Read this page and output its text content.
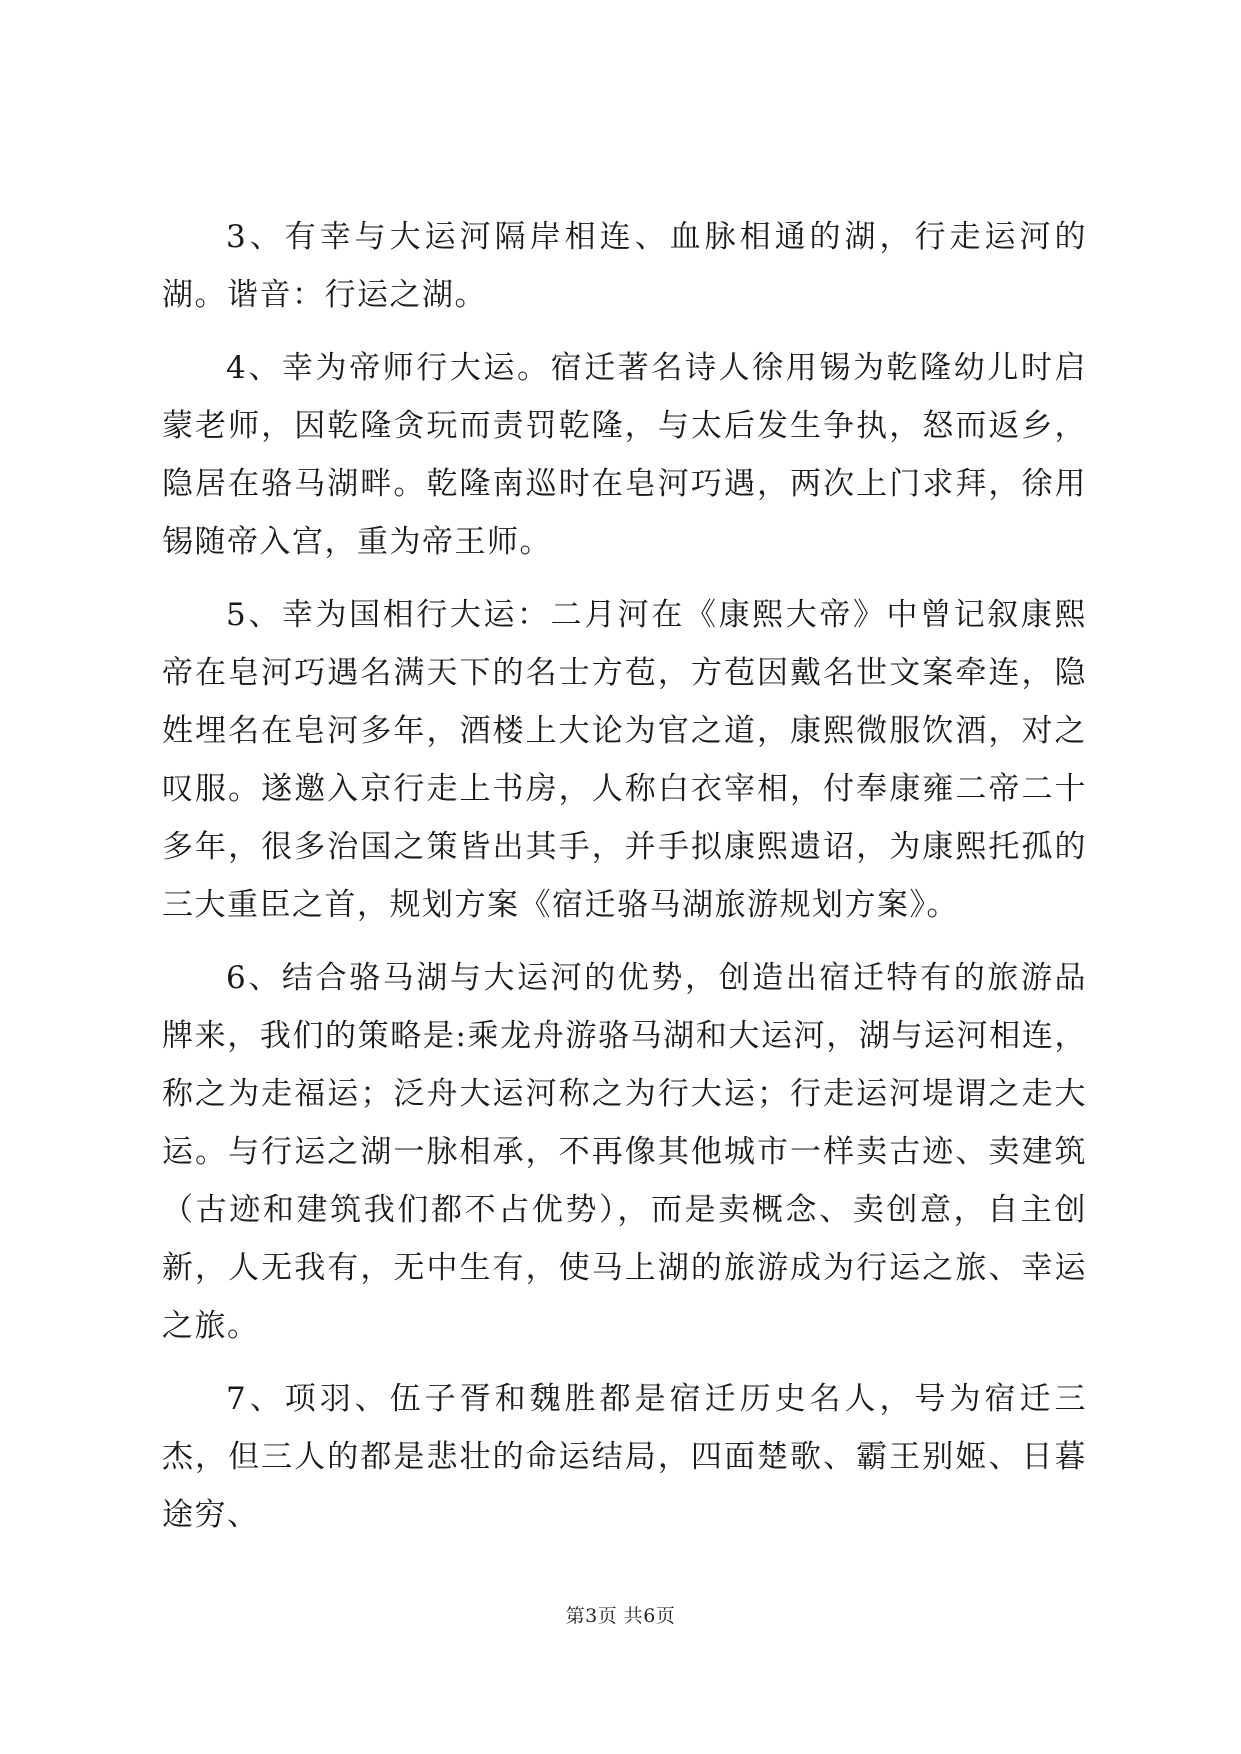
3、有幸与大运河隔岸相连、血脉相通的湖，行走运河的湖。谐音：行运之湖。

4、幸为帝师行大运。宿迁著名诗人徐用锡为乾隆幼儿时启蒙老师，因乾隆贪玩而责罚乾隆，与太后发生争执，怒而返乡，隐居在骆马湖畔。乾隆南巡时在皂河巧遇，两次上门求拜，徐用锡随帝入宫，重为帝王师。

5、幸为国相行大运：二月河在《康熙大帝》中曾记叙康熙帝在皂河巧遇名满天下的名士方苞，方苞因戴名世文案牵连，隐姓埋名在皂河多年，酒楼上大论为官之道，康熙微服饮酒，对之叹服。遂邀入京行走上书房，人称白衣宰相，付奉康雍二帝二十多年，很多治国之策皆出其手，并手拟康熙遗诏，为康熙托孤的三大重臣之首，规划方案《宿迁骆马湖旅游规划方案》。

6、结合骆马湖与大运河的优势，创造出宿迁特有的旅游品牌来，我们的策略是:乘龙舟游骆马湖和大运河，湖与运河相连，称之为走福运；泛舟大运河称之为行大运；行走运河堤谓之走大运。与行运之湖一脉相承，不再像其他城市一样卖古迹、卖建筑（古迹和建筑我们都不占优势），而是卖概念、卖创意，自主创新，人无我有，无中生有，使马上湖的旅游成为行运之旅、幸运之旅。

7、项羽、伍子胥和魏胜都是宿迁历史名人，号为宿迁三杰，但三人的都是悲壮的命运结局，四面楚歌、霸王别姬、日暮途穷、

第3页 共6页
